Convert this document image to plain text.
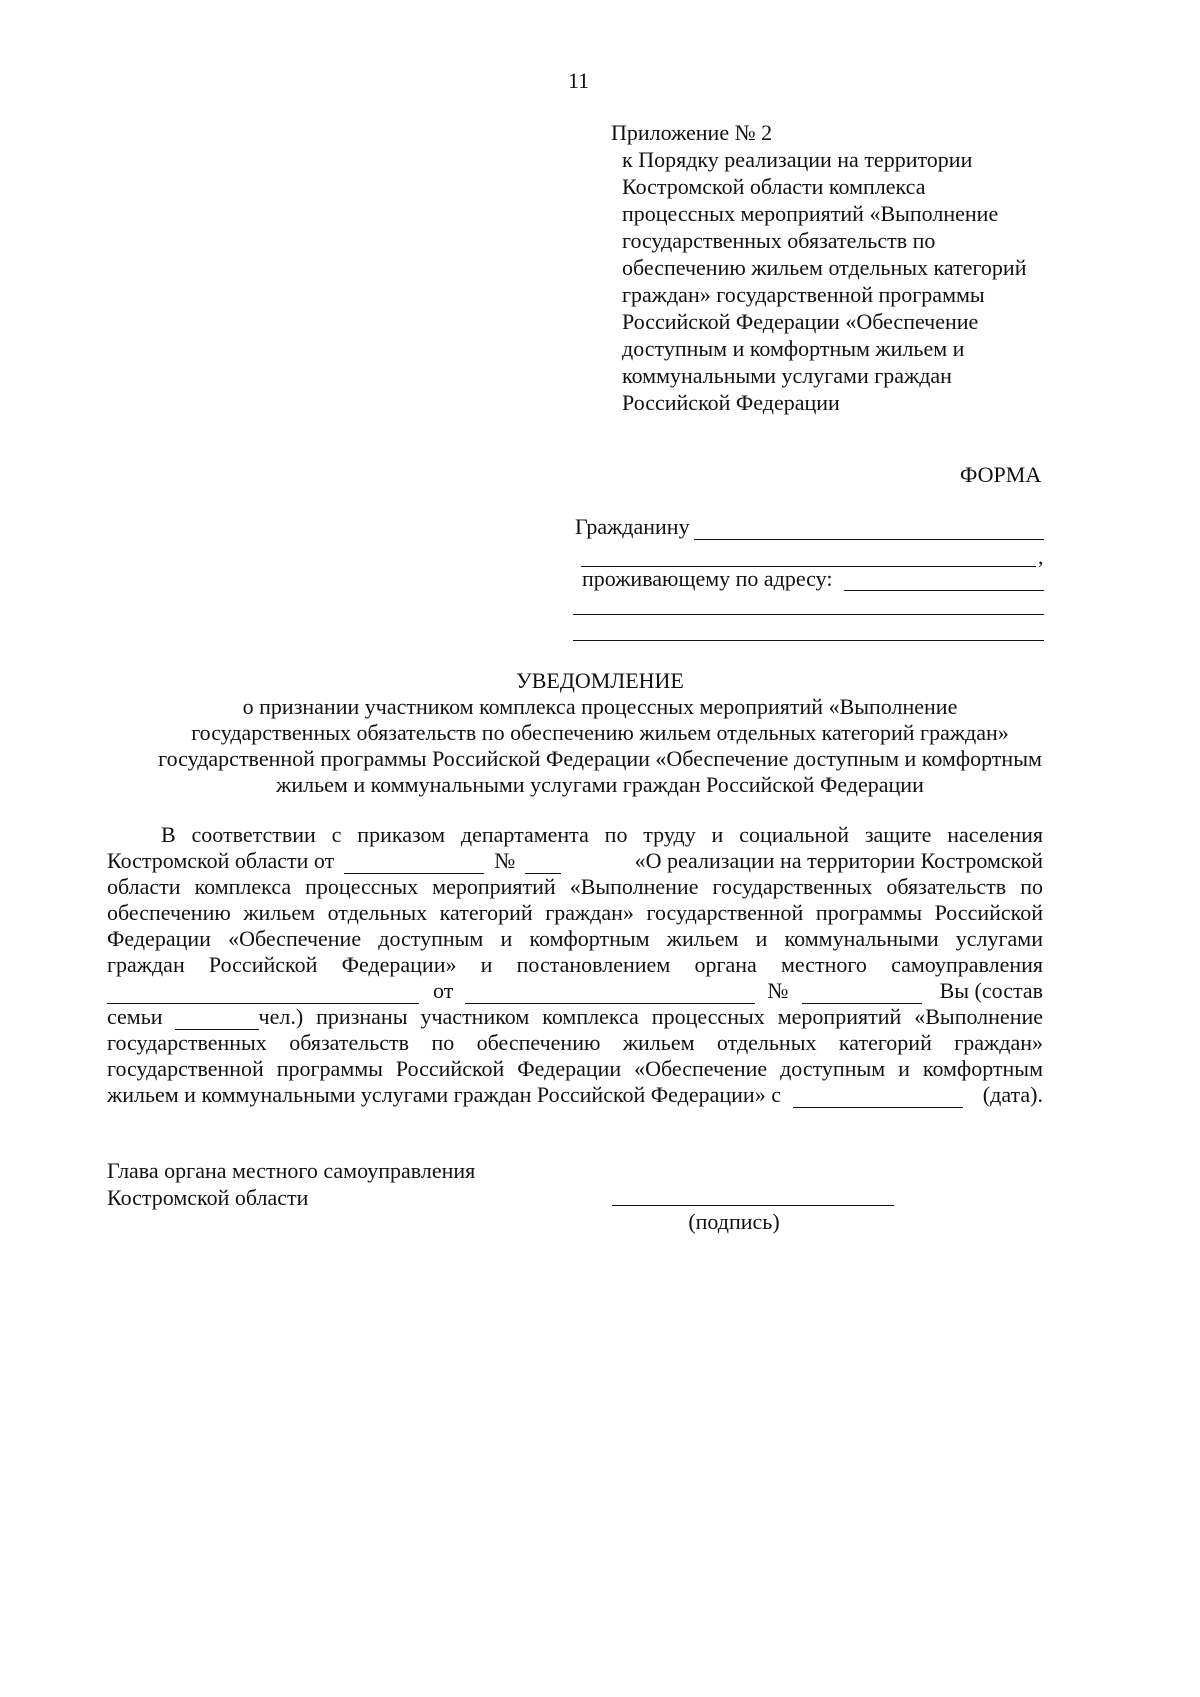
11
Приложение № 2
к Порядку реализации на территории
Костромской области комплекса
процессных мероприятий «Выполнение
государственных обязательств по
обеспечению жильем отдельных категорий
граждан» государственной программы
Российской Федерации «Обеспечение
доступным и комфортным жильем и
коммунальными услугами граждан
Российской Федерации
ФОРМА
Гражданину
,
проживающему по адресу:
УВЕДОМЛЕНИЕ
о признании участником комплекса процессных мероприятий «Выполнение
государственных обязательств по обеспечению жильем отдельных категорий граждан»
государственной программы Российской Федерации «Обеспечение доступным и комфортным
жильем и коммунальными услугами граждан Российской Федерации
В соответствии с приказом департамента по труду и социальной защите населения
Костромской области от	№	«О реализации на территории Костромской
области комплекса процессных мероприятий «Выполнение государственных обязательств по
обеспечению жильем отдельных категорий граждан» государственной программы Российской
Федерации «Обеспечение доступным и комфортным жильем и коммунальными услугами
граждан Российской Федерации» и постановлением органа местного самоуправления
от	№	Вы (состав
семьи	чел.) признаны участником комплекса процессных мероприятий «Выполнение
государственных обязательств по обеспечению жильем отдельных категорий граждан»
государственной программы Российской Федерации «Обеспечение доступным и комфортным
жильем и коммунальными услугами граждан Российской Федерации» с	(дата).
Глава органа местного самоуправления
Костромской области
(подпись)
